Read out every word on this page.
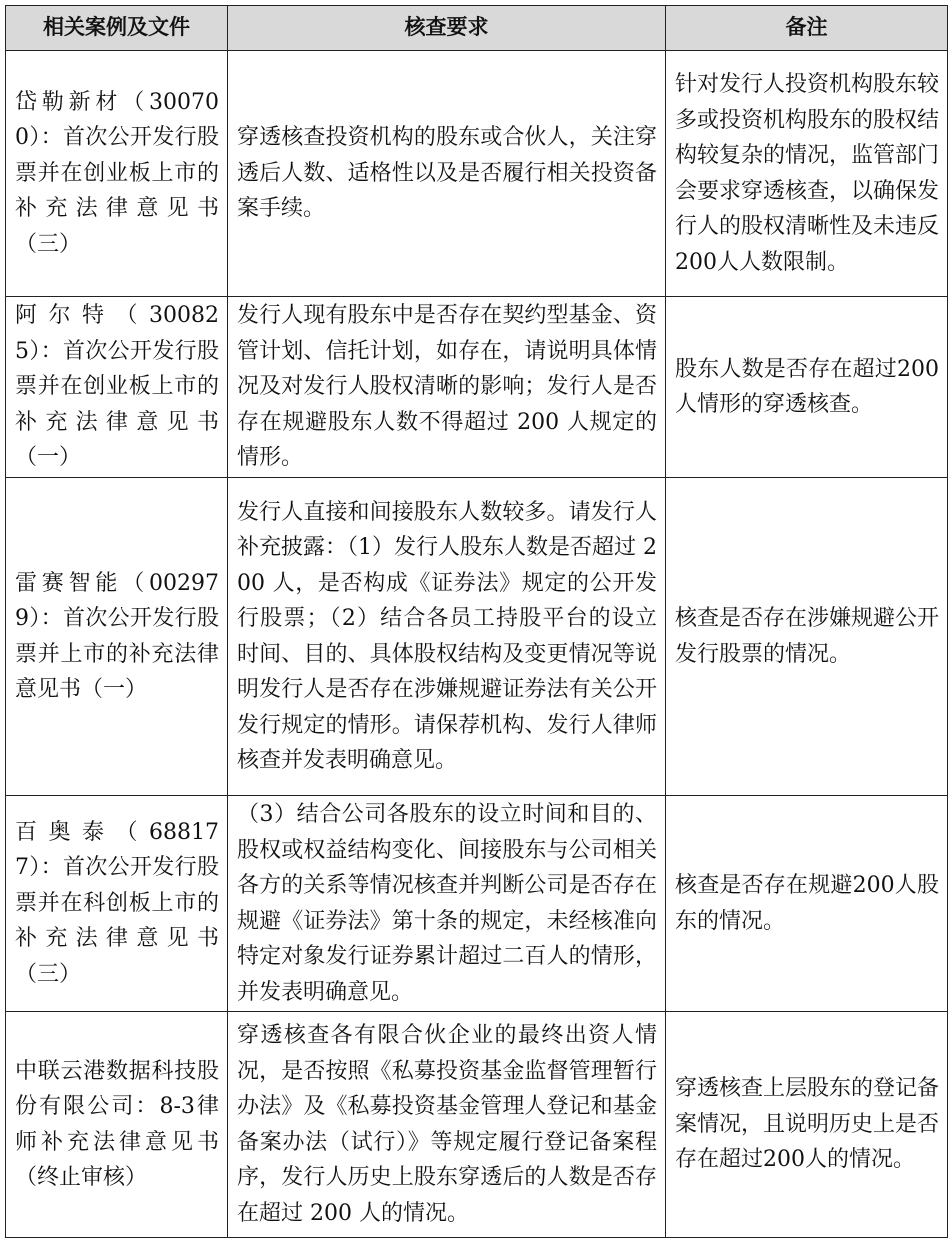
相关案例及文件	核查要求	备注
岱勒新材（300700）：首次公开发行股票并在创业板上市的补充法律意见书（三）	穿透核查投资机构的股东或合伙人，关注穿透后人数、适格性以及是否履行相关投资备案手续。	针对发行人投资机构股东较多或投资机构股东的股权结构较复杂的情况，监管部门会要求穿透核查，以确保发行人的股权清晰性及未违反200人人数限制。
阿尔特（300825）：首次公开发行股票并在创业板上市的补充法律意见书（一）	发行人现有股东中是否存在契约型基金、资管计划、信托计划，如存在，请说明具体情况及对发行人股权清晰的影响；发行人是否存在规避股东人数不得超过 200 人规定的情形。	股东人数是否存在超过200人情形的穿透核查。
雷赛智能（002979）：首次公开发行股票并上市的补充法律意见书（一）	发行人直接和间接股东人数较多。请发行人补充披露：（1）发行人股东人数是否超过 200 人，是否构成《证券法》规定的公开发行股票；（2）结合各员工持股平台的设立时间、目的、具体股权结构及变更情况等说明发行人是否存在涉嫌规避证券法有关公开发行规定的情形。请保荐机构、发行人律师核查并发表明确意见。	核查是否存在涉嫌规避公开发行股票的情况。
百奥泰（688177）：首次公开发行股票并在科创板上市的补充法律意见书（三）	（3）结合公司各股东的设立时间和目的、股权或权益结构变化、间接股东与公司相关各方的关系等情况核查并判断公司是否存在规避《证券法》第十条的规定，未经核准向特定对象发行证券累计超过二百人的情形，并发表明确意见。	核查是否存在规避200人股东的情况。
中联云港数据科技股份有限公司：8-3律师补充法律意见书（终止审核）	穿透核查各有限合伙企业的最终出资人情况，是否按照《私募投资基金监督管理暂行办法》及《私募投资基金管理人登记和基金备案办法（试行）》等规定履行登记备案程序，发行人历史上股东穿透后的人数是否存在超过 200 人的情况。	穿透核查上层股东的登记备案情况，且说明历史上是否存在超过200人的情况。
